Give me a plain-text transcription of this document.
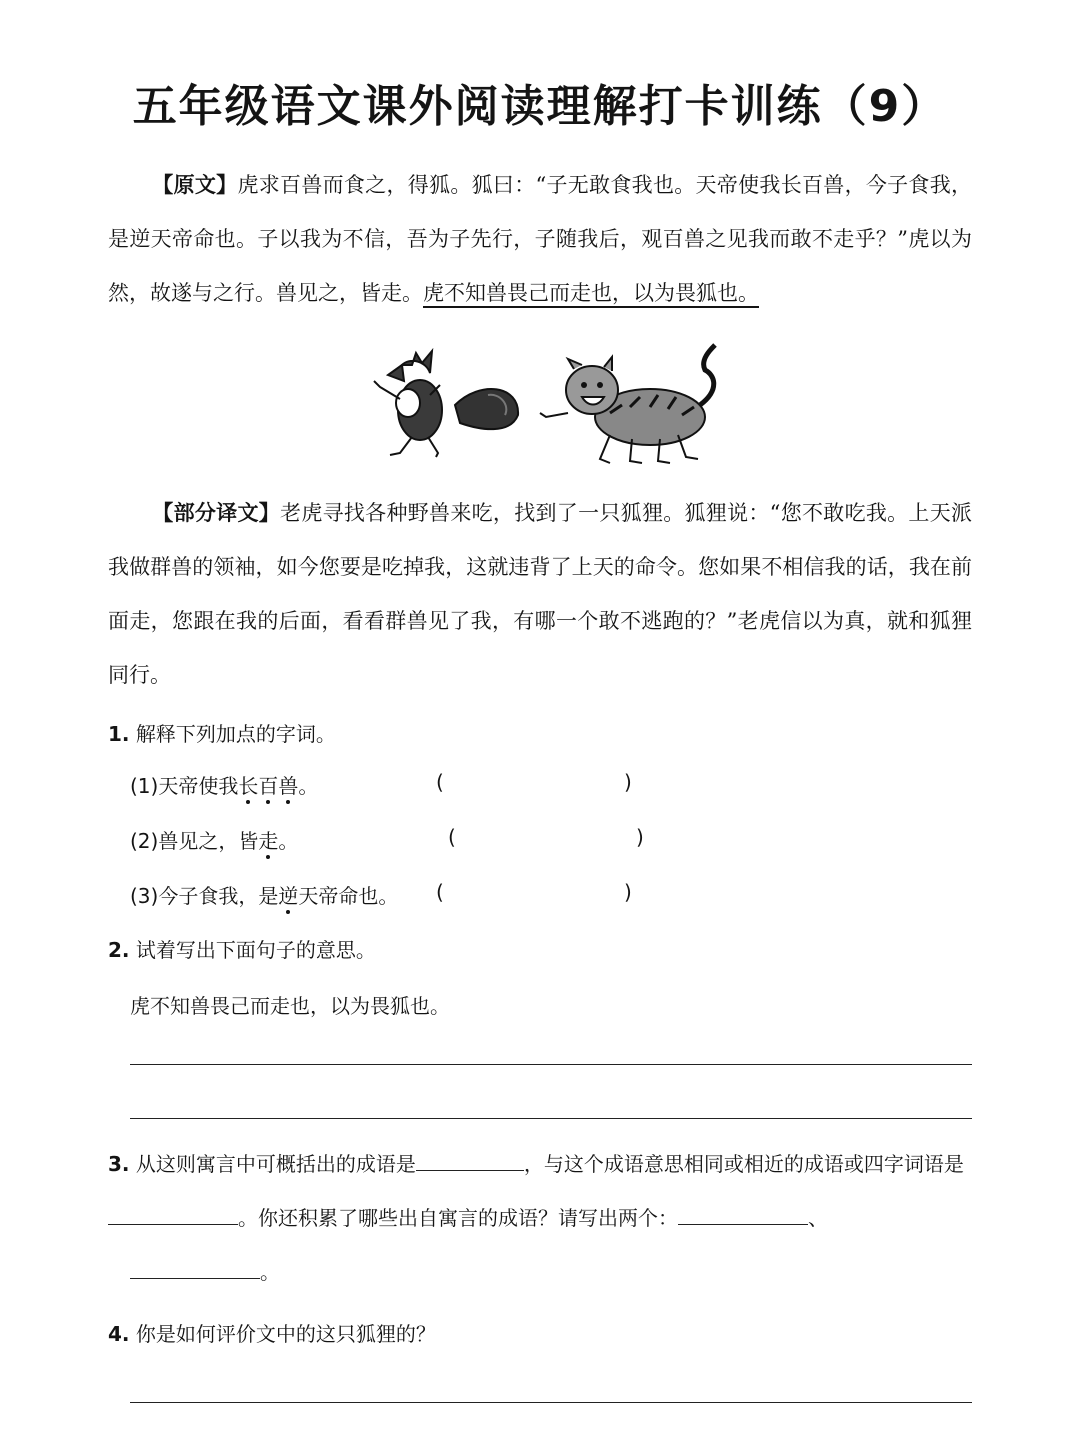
五年级语文课外阅读理解打卡训练（9）
【原文】虎求百兽而食之，得狐。狐曰：“子无敢食我也。天帝使我长百兽，今子食我，是逆天帝命也。子以我为不信，吾为子先行，子随我后，观百兽之见我而敢不走乎？”虎以为然，故遂与之行。兽见之，皆走。虎不知兽畏己而走也，以为畏狐也。
【部分译文】老虎寻找各种野兽来吃，找到了一只狐狸。狐狸说：“您不敢吃我。上天派我做群兽的领袖，如今您要是吃掉我，这就违背了上天的命令。您如果不相信我的话，我在前面走，您跟在我的后面，看看群兽见了我，有哪一个敢不逃跑的？”老虎信以为真，就和狐狸同行。
1. 解释下列加点的字词。
(1)天帝使我长百兽。	(	)
(2)兽见之，皆走。	(	)
(3)今子食我，是逆天帝命也。 (	)
2. 试着写出下面句子的意思。
虎不知兽畏己而走也，以为畏狐也。
3. 从这则寓言中可概括出的成语是	，与这个成语意思相同或相近的成语或四字词语是。你还积累了哪些出自寓言的成语？请写出两个：	、
。
4. 你是如何评价文中的这只狐狸的？
